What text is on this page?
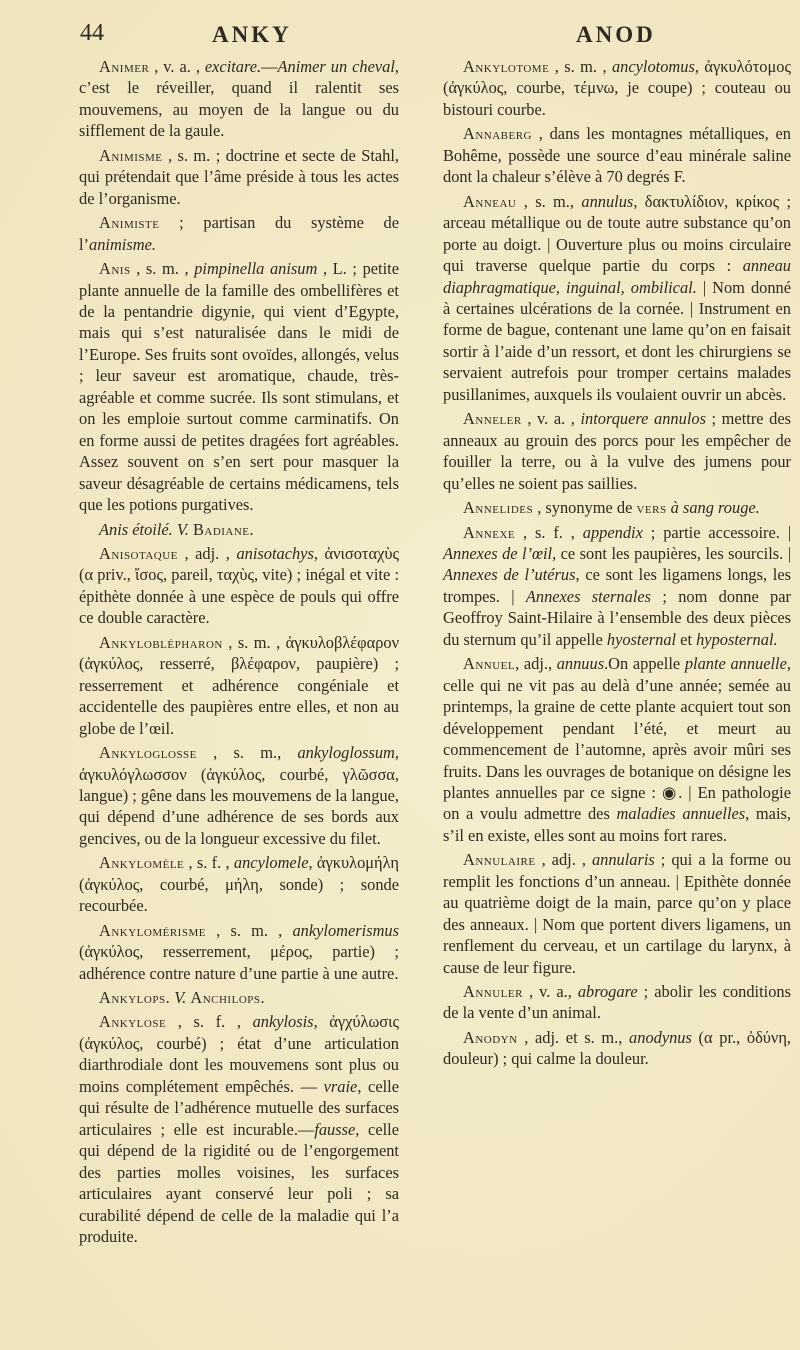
44	ANKY	ANOD

Animer , v. a. , excitare.—Animer un cheval, c’est le réveiller, quand il ralentit ses mouvemens, au moyen de la langue ou du sifflement de la gaule.

Animisme , s. m. ; doctrine et secte de Stahl, qui prétendait que l’âme préside à tous les actes de l’organisme.

Animiste ; partisan du système de l’animisme.

Anis , s. m. , pimpinella anisum , L. ; petite plante annuelle de la famille des ombellifères et de la pentandrie digynie, qui vient d’Egypte, mais qui s’est naturalisée dans le midi de l’Europe. Ses fruits sont ovoïdes, allongés, velus ; leur saveur est aromatique, chaude, très-agréable et comme sucrée. Ils sont stimulans, et on les emploie surtout comme carminatifs. On en forme aussi de petites dragées fort agréables. Assez souvent on s’en sert pour masquer la saveur désagréable de certains médicamens, tels que les potions purgatives.

Anis étoilé. V. Badiane.

Anisotaque , adj. , anisotachys, ἀνισοταχὺς (α priv., ἴσος, pareil, ταχὺς, vite) ; inégal et vite : épithète donnée à une espèce de pouls qui offre ce double caractère.

Ankyloblépharon , s. m. , ἀγκυλοβλέφαρον (ἀγκύλος, resserré, βλέφαρον, paupière) ; resserrement et adhérence congéniale et accidentelle des paupières entre elles, et non au globe de l’œil.

Ankyloglosse , s. m., ankyloglossum, ἀγκυλόγλωσσον (ἀγκύλος, courbé, γλῶσσα, langue) ; gêne dans les mouvemens de la langue, qui dépend d’une adhérence de ses bords aux gencives, ou de la longueur excessive du filet.

Ankylomèle , s. f. , ancylomele, ἀγκυλομήλη (ἀγκύλος, courbé, μήλη, sonde) ; sonde recourbée.

Ankylomérisme , s. m. , ankylomerismus (ἀγκύλος, resserrement, μέρος, partie) ; adhérence contre nature d’une partie à une autre.

Ankylops. V. Anchilops.

Ankylose , s. f. , ankylosis, ἀγχύλωσις (ἀγκύλος, courbé) ; état d’une articulation diarthrodiale dont les mouvemens sont plus ou moins complétement empêchés. — vraie, celle qui résulte de l’adhérence mutuelle des surfaces articulaires ; elle est incurable.—fausse, celle qui dépend de la rigidité ou de l’engorgement des parties molles voisines, les surfaces articulaires ayant conservé leur poli ; sa curabilité dépend de celle de la maladie qui l’a produite.

Ankylotome , s. m. , ancylotomus, ἀγκυλότομος (ἀγκύλος, courbe, τέμνω, je coupe) ; couteau ou bistouri courbe.

Annaberg , dans les montagnes métalliques, en Bohême, possède une source d’eau minérale saline dont la chaleur s’élève à 70 degrés F.

Anneau , s. m., annulus, δακτυλίδιον, κρίκος ; arceau métallique ou de toute autre substance qu’on porte au doigt. | Ouverture plus ou moins circulaire qui traverse quelque partie du corps : anneau diaphragmatique, inguinal, ombilical. | Nom donné à certaines ulcérations de la cornée. | Instrument en forme de bague, contenant une lame qu’on en faisait sortir à l’aide d’un ressort, et dont les chirurgiens se servaient autrefois pour tromper certains malades pusillanimes, auxquels ils voulaient ouvrir un abcès.

Anneler , v. a. , intorquere annulos ; mettre des anneaux au grouin des porcs pour les empêcher de fouiller la terre, ou à la vulve des jumens pour qu’elles ne soient pas saillies.

Annelides , synonyme de vers à sang rouge.

Annexe , s. f. , appendix ; partie accessoire. | Annexes de l’œil, ce sont les paupières, les sourcils. | Annexes de l’utérus, ce sont les ligamens longs, les trompes. | Annexes sternales ; nom donne par Geoffroy Saint-Hilaire à l’ensemble des deux pièces du sternum qu’il appelle hyosternal et hyposternal.

Annuel, adj., annuus.On appelle plante annuelle, celle qui ne vit pas au delà d’une année; semée au printemps, la graine de cette plante acquiert tout son développement pendant l’été, et meurt au commencement de l’automne, après avoir mûri ses fruits. Dans les ouvrages de botanique on désigne les plantes annuelles par ce signe : ◉. | En pathologie on a voulu admettre des maladies annuelles, mais, s’il en existe, elles sont au moins fort rares.

Annulaire , adj. , annularis ; qui a la forme ou remplit les fonctions d’un anneau. | Epithète donnée au quatrième doigt de la main, parce qu’on y place des anneaux. | Nom que portent divers ligamens, un renflement du cerveau, et un cartilage du larynx, à cause de leur figure.

Annuler , v. a., abrogare ; abolir les conditions de la vente d’un animal.

Anodyn , adj. et s. m., anodynus (α pr., ὀδύνη, douleur) ; qui calme la douleur.
